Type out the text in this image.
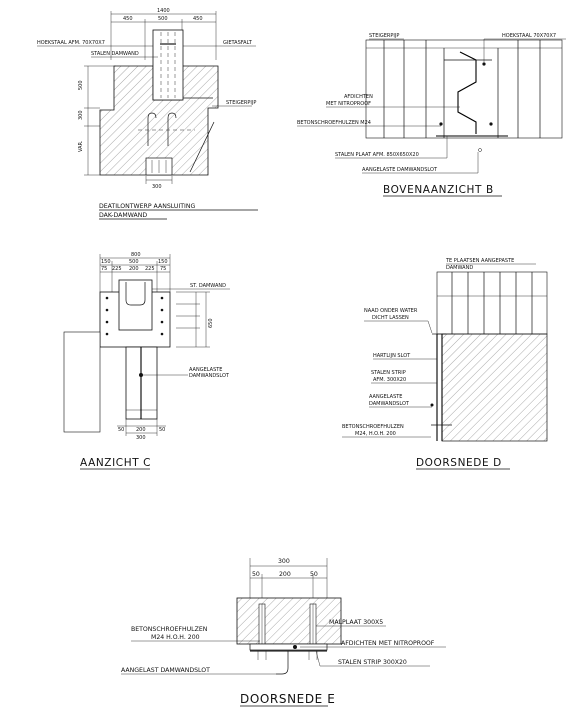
1400
450	500	450
300
500
300
VAR.
HOEKSTAAL AFM. 70X70X7	GIETASFALT
STALEN DAMWAND
STEIGERPIJP
DEATILONTWERP AANSLUITING
DAK-DAMWAND
STEIGERPIJP	HOEKSTAAL 70X70X7
AFDICHTEN
MET NITROPROOF
BETONSCHROEFHULZEN M24
STALEN PLAAT AFM. 850X650X20
AANGELASTE DAMWANDSLOT
BOVENAANZICHT B
800
150	500	150
75 225 200 225 75
650
ST. DAMWAND
AANGELASTE
DAMWANDSLOT
50 200	50
300
AANZICHT C
TE PLAATSEN AANGEPASTE
DAMWAND
NAAD ONDER WATER
DICHT LASSEN
HARTLIJN SLOT
STALEN STRIP
AFM. 300X20
AANGELASTE
DAMWANDSLOT
BETONSCHROEFHULZEN
M24, H.O.H. 200
DOORSNEDE D
300
50	200	50
MALPLAAT 300X5
AFDICHTEN MET NITROPROOF
STALEN STRIP 300X20
BETONSCHROEFHULZEN
M24 H.O.H. 200
AANGELAST DAMWANDSLOT
DOORSNEDE E
